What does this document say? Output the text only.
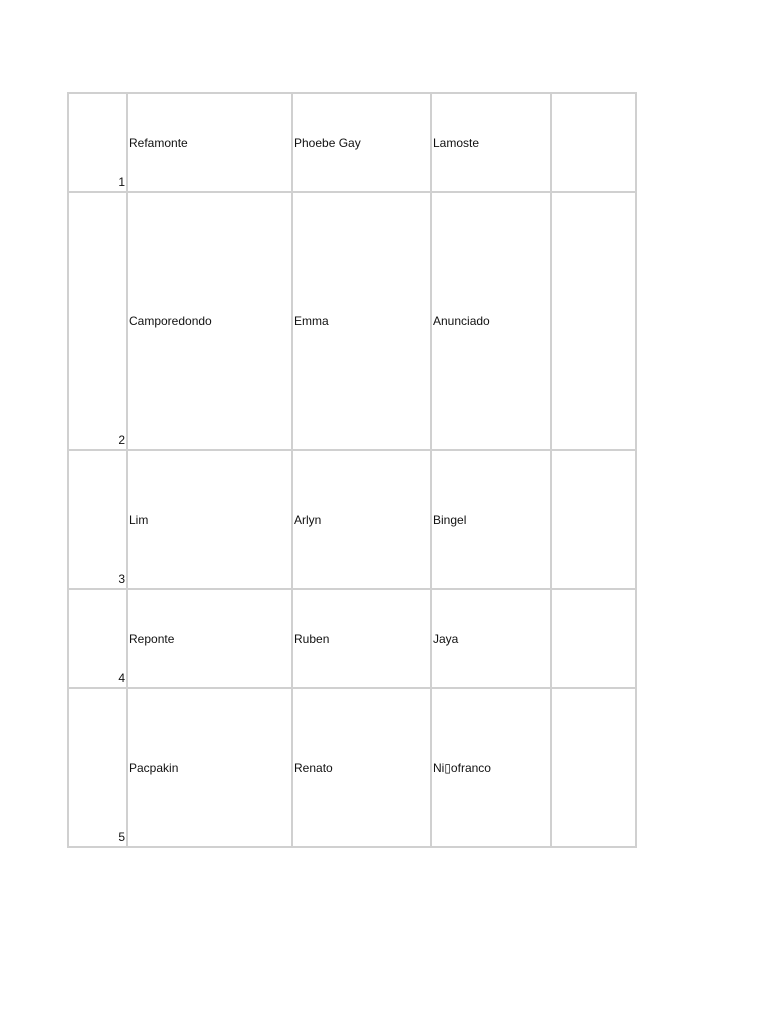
1	Refamonte	Phoebe Gay	Lamoste	

2	Camporedondo	Emma	Anunciado	

3	Lim	Arlyn	Bingel	

4	Reponte	Ruben	Jaya	

5	Pacpakin	Renato	Ni▯ofranco	
